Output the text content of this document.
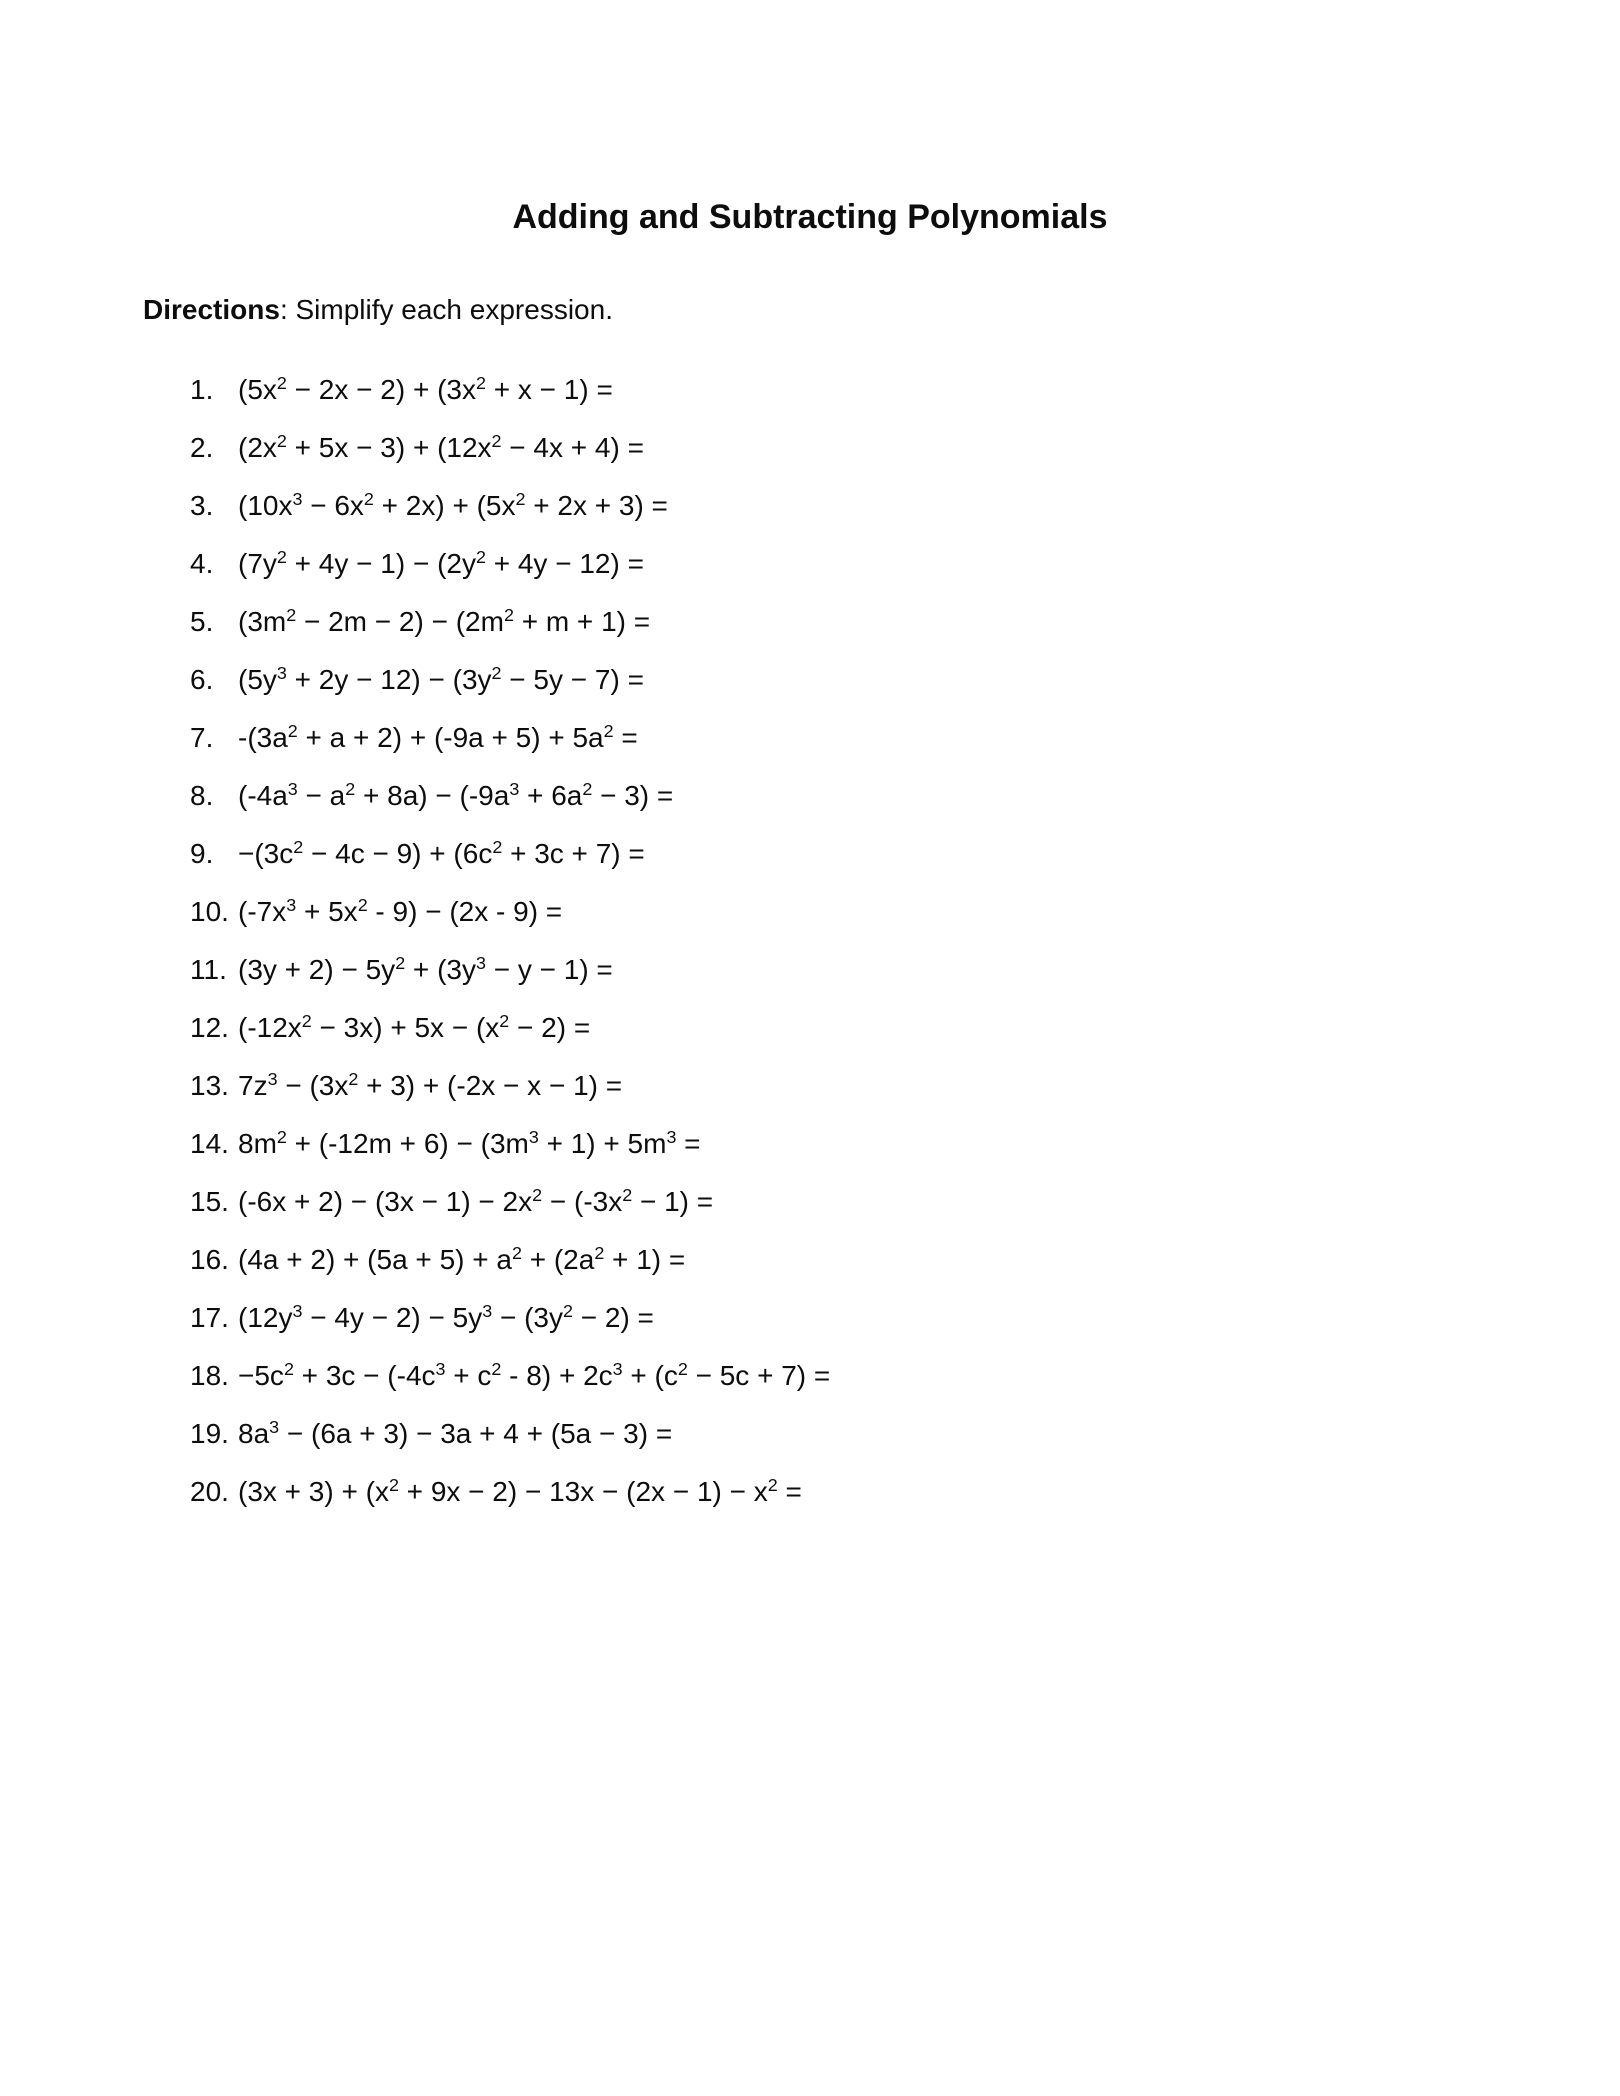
Adding and Subtracting Polynomials

Directions: Simplify each expression.

1. $(5x^2 - 2x - 2) + (3x^2 + x - 1)$ =
2. $(2x^2 + 5x - 3) + (12x^2 - 4x + 4)$ =
3. $(10x^3 - 6x^2 + 2x) + (5x^2 + 2x + 3)$ =
4. $(7y^2 + 4y - 1) - (2y^2 + 4y - 12)$ =
5. $(3m^2 - 2m - 2) - (2m^2 + m + 1)$ =
6. $(5y^3 + 2y - 12) - (3y^2 - 5y - 7)$ =
7. $-(3a^2 + a + 2) + (-9a + 5) + 5a^2$ =
8. $(-4a^3 - a^2 + 8a) - (-9a^3 + 6a^2 - 3)$ =
9. $-(3c^2 - 4c - 9) + (6c^2 + 3c + 7)$ =
10. $(-7x^3 + 5x^2 - 9) - (2x - 9)$ =
11. $(3y + 2) - 5y^2 + (3y^3 - y - 1)$ =
12. $(-12x^2 - 3x) + 5x - (x^2 - 2)$ =
13. $7z^3 - (3x^2 + 3) + (-2x - x - 1)$ =
14. $8m^2 + (-12m + 6) - (3m^3 + 1) + 5m^3$ =
15. $(-6x + 2) - (3x - 1) - 2x^2 - (-3x^2 - 1)$ =
16. $(4a + 2) + (5a + 5) + a^2 + (2a^2 + 1)$ =
17. $(12y^3 - 4y - 2) - 5y^3 - (3y^2 - 2)$ =
18. $-5c^2 + 3c - (-4c^3 + c^2 - 8) + 2c^3 + (c^2 - 5c + 7)$ =
19. $8a^3 - (6a + 3) - 3a + 4 + (5a - 3)$ =
20. $(3x + 3) + (x^2 + 9x - 2) - 13x - (2x - 1) - x^2$ =
